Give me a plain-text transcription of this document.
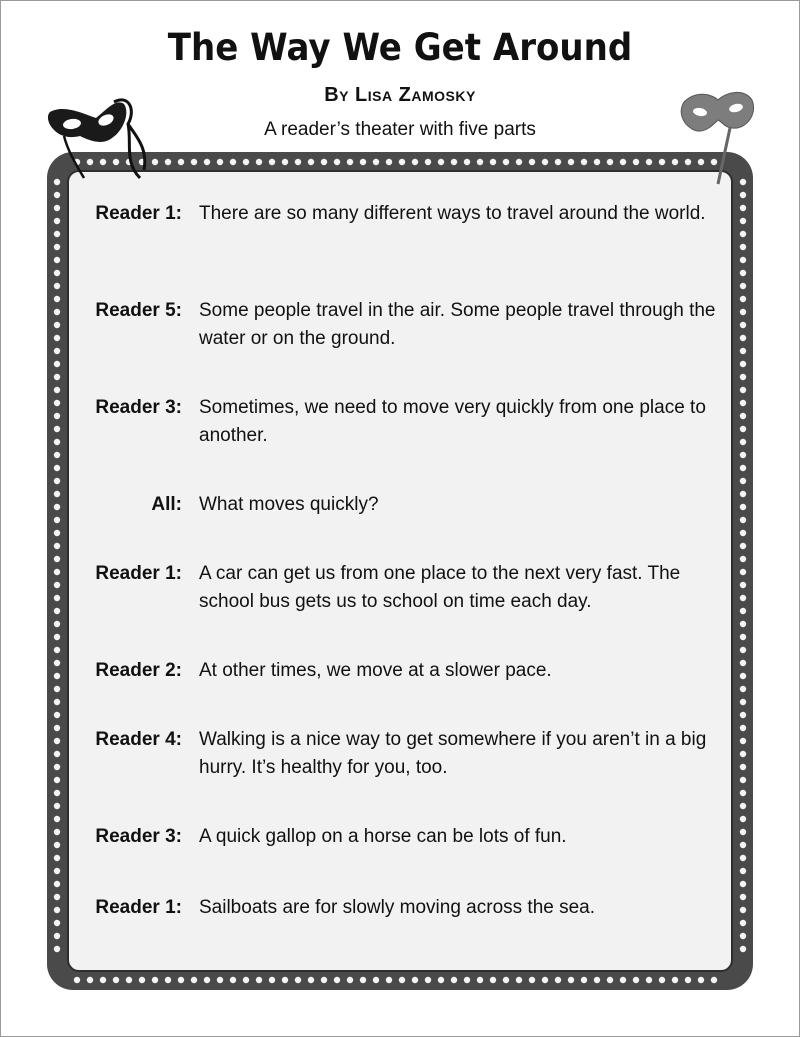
The Way We Get Around
By Lisa Zamosky
A reader’s theater with five parts
Reader 1: There are so many different ways to travel around the world.
Reader 5: Some people travel in the air. Some people travel through the water or on the ground.
Reader 3: Sometimes, we need to move very quickly from one place to another.
All: What moves quickly?
Reader 1: A car can get us from one place to the next very fast. The school bus gets us to school on time each day.
Reader 2: At other times, we move at a slower pace.
Reader 4: Walking is a nice way to get somewhere if you aren’t in a big hurry. It’s healthy for you, too.
Reader 3: A quick gallop on a horse can be lots of fun.
Reader 1: Sailboats are for slowly moving across the sea.
